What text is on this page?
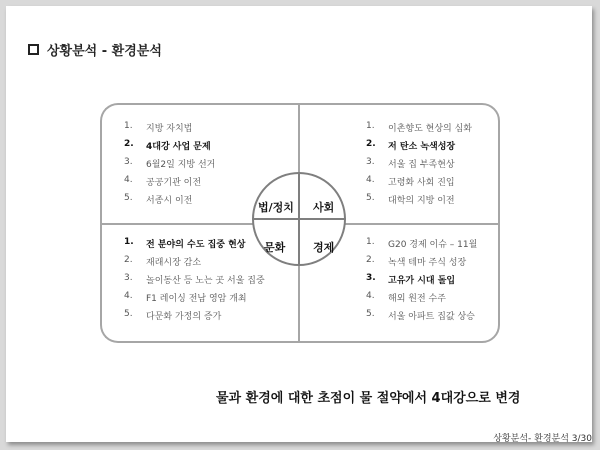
상황분석 - 환경분석
1.	지방 자치법
2.	4대강 사업 문제
3.	6월2일 지방 선거
4.	공공기관 이전
5.	서종시 이전
1.	이촌향도 현상의 심화
2.	저 탄소 녹색성장
3.	서울 집 부족현상
4.	고령화 사회 진입
5.	대학의 지방 이전
1.	전 분야의 수도 집중 현상
2.	재래시장 감소
3.	놀이동산 등 노는 곳 서울 집중
4.	F1 레이싱 전남 영암 개최
5.	다문화 가정의 증가
1.	G20 경제 이슈 – 11월
2.	녹색 테마 주식 성장
3.	고유가 시대 돌입
4.	해외 원전 수주
5.	서울 아파트 집값 상승
법/정치 사회
문화	경제
물과 환경에 대한 초점이 물 절약에서 4대강으로 변경
상황분석- 환경분석 3/30
